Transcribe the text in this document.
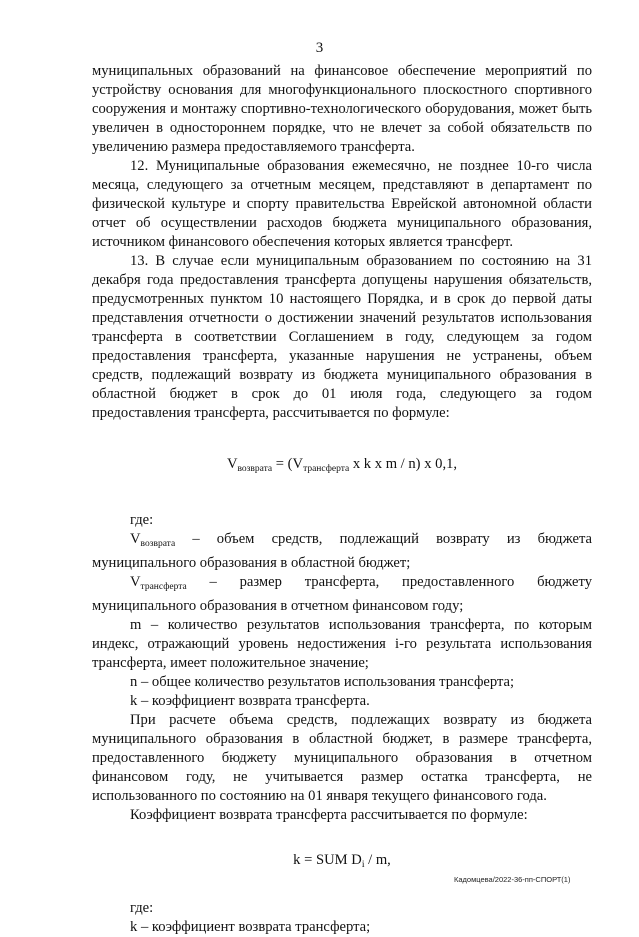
3

муниципальных образований на финансовое обеспечение мероприятий по устройству основания для многофункционального плоскостного спортивного сооружения и монтажу спортивно-технологического оборудования, может быть увеличен в одностороннем порядке, что не влечет за собой обязательств по увеличению размера предоставляемого трансферта.

12. Муниципальные образования ежемесячно, не позднее 10-го числа месяца, следующего за отчетным месяцем, представляют в департамент по физической культуре и спорту правительства Еврейской автономной области отчет об осуществлении расходов бюджета муниципального образования, источником финансового обеспечения которых является трансферт.

13. В случае если муниципальным образованием по состоянию на 31 декабря года предоставления трансферта допущены нарушения обязательств, предусмотренных пунктом 10 настоящего Порядка, и в срок до первой даты представления отчетности о достижении значений результатов использования трансферта в соответствии Соглашением в году, следующем за годом предоставления трансферта, указанные нарушения не устранены, объем средств, подлежащий возврату из бюджета муниципального образования в областной бюджет в срок до 01 июля года, следующего за годом предоставления трансферта, рассчитывается по формуле:

$V_{возврата} = (V_{трансферта}$ x k x m / n) x 0,1,

где:

$V_{возврата}$ – объем средств, подлежащий возврату из бюджета муниципального образования в областной бюджет;

$V_{трансферта}$ – размер трансферта, предоставленного бюджету муниципального образования в отчетном финансовом году;

m – количество результатов использования трансферта, по которым индекс, отражающий уровень недостижения i-го результата использования трансферта, имеет положительное значение;

n – общее количество результатов использования трансферта;

k – коэффициент возврата трансферта.

При расчете объема средств, подлежащих возврату из бюджета муниципального образования в областной бюджет, в размере трансферта, предоставленного бюджету муниципального образования в отчетном финансовом году, не учитывается размер остатка трансферта, не использованного по состоянию на 01 января текущего финансового года.

Коэффициент возврата трансферта рассчитывается по формуле:

k = SUM $D_i$ / m,

где:

k – коэффициент возврата трансферта;

Кадомцева/2022-36-пп-СПОРТ(1)
